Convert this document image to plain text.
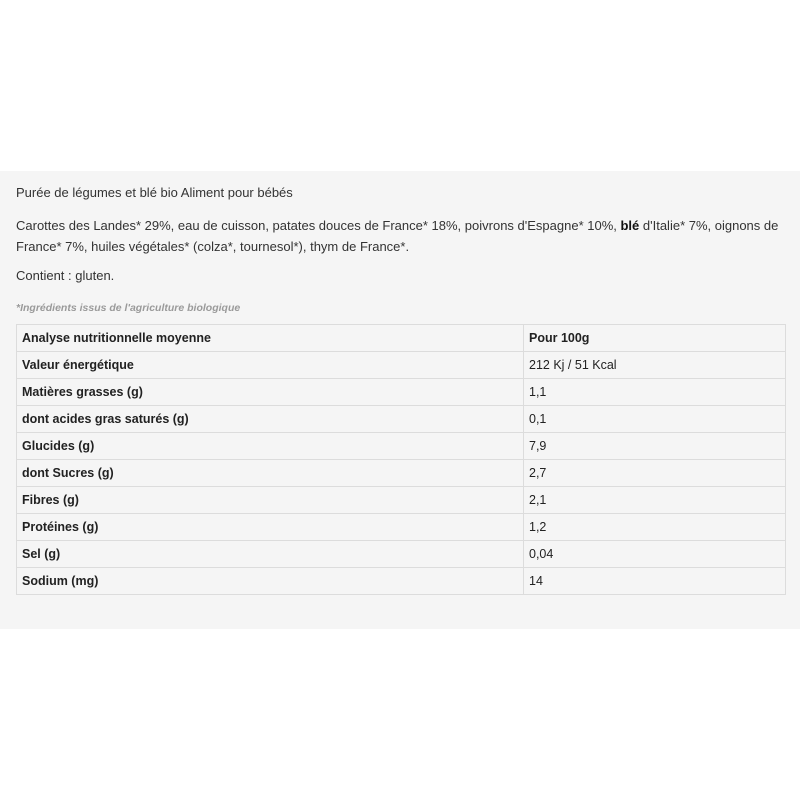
Purée de légumes et blé bio Aliment pour bébés

Carottes des Landes* 29%, eau de cuisson, patates douces de France* 18%, poivrons d'Espagne* 10%, blé d'Italie* 7%, oignons de France* 7%, huiles végétales* (colza*, tournesol*), thym de France*.

Contient : gluten.

*Ingrédients issus de l'agriculture biologique

Analyse nutritionnelle moyenne	Pour 100g
Valeur énergétique	212 Kj / 51 Kcal
Matières grasses (g)	1,1
dont acides gras saturés (g)	0,1
Glucides (g)	7,9
dont Sucres (g)	2,7
Fibres (g)	2,1
Protéines (g)	1,2
Sel (g)	0,04
Sodium (mg)	14
